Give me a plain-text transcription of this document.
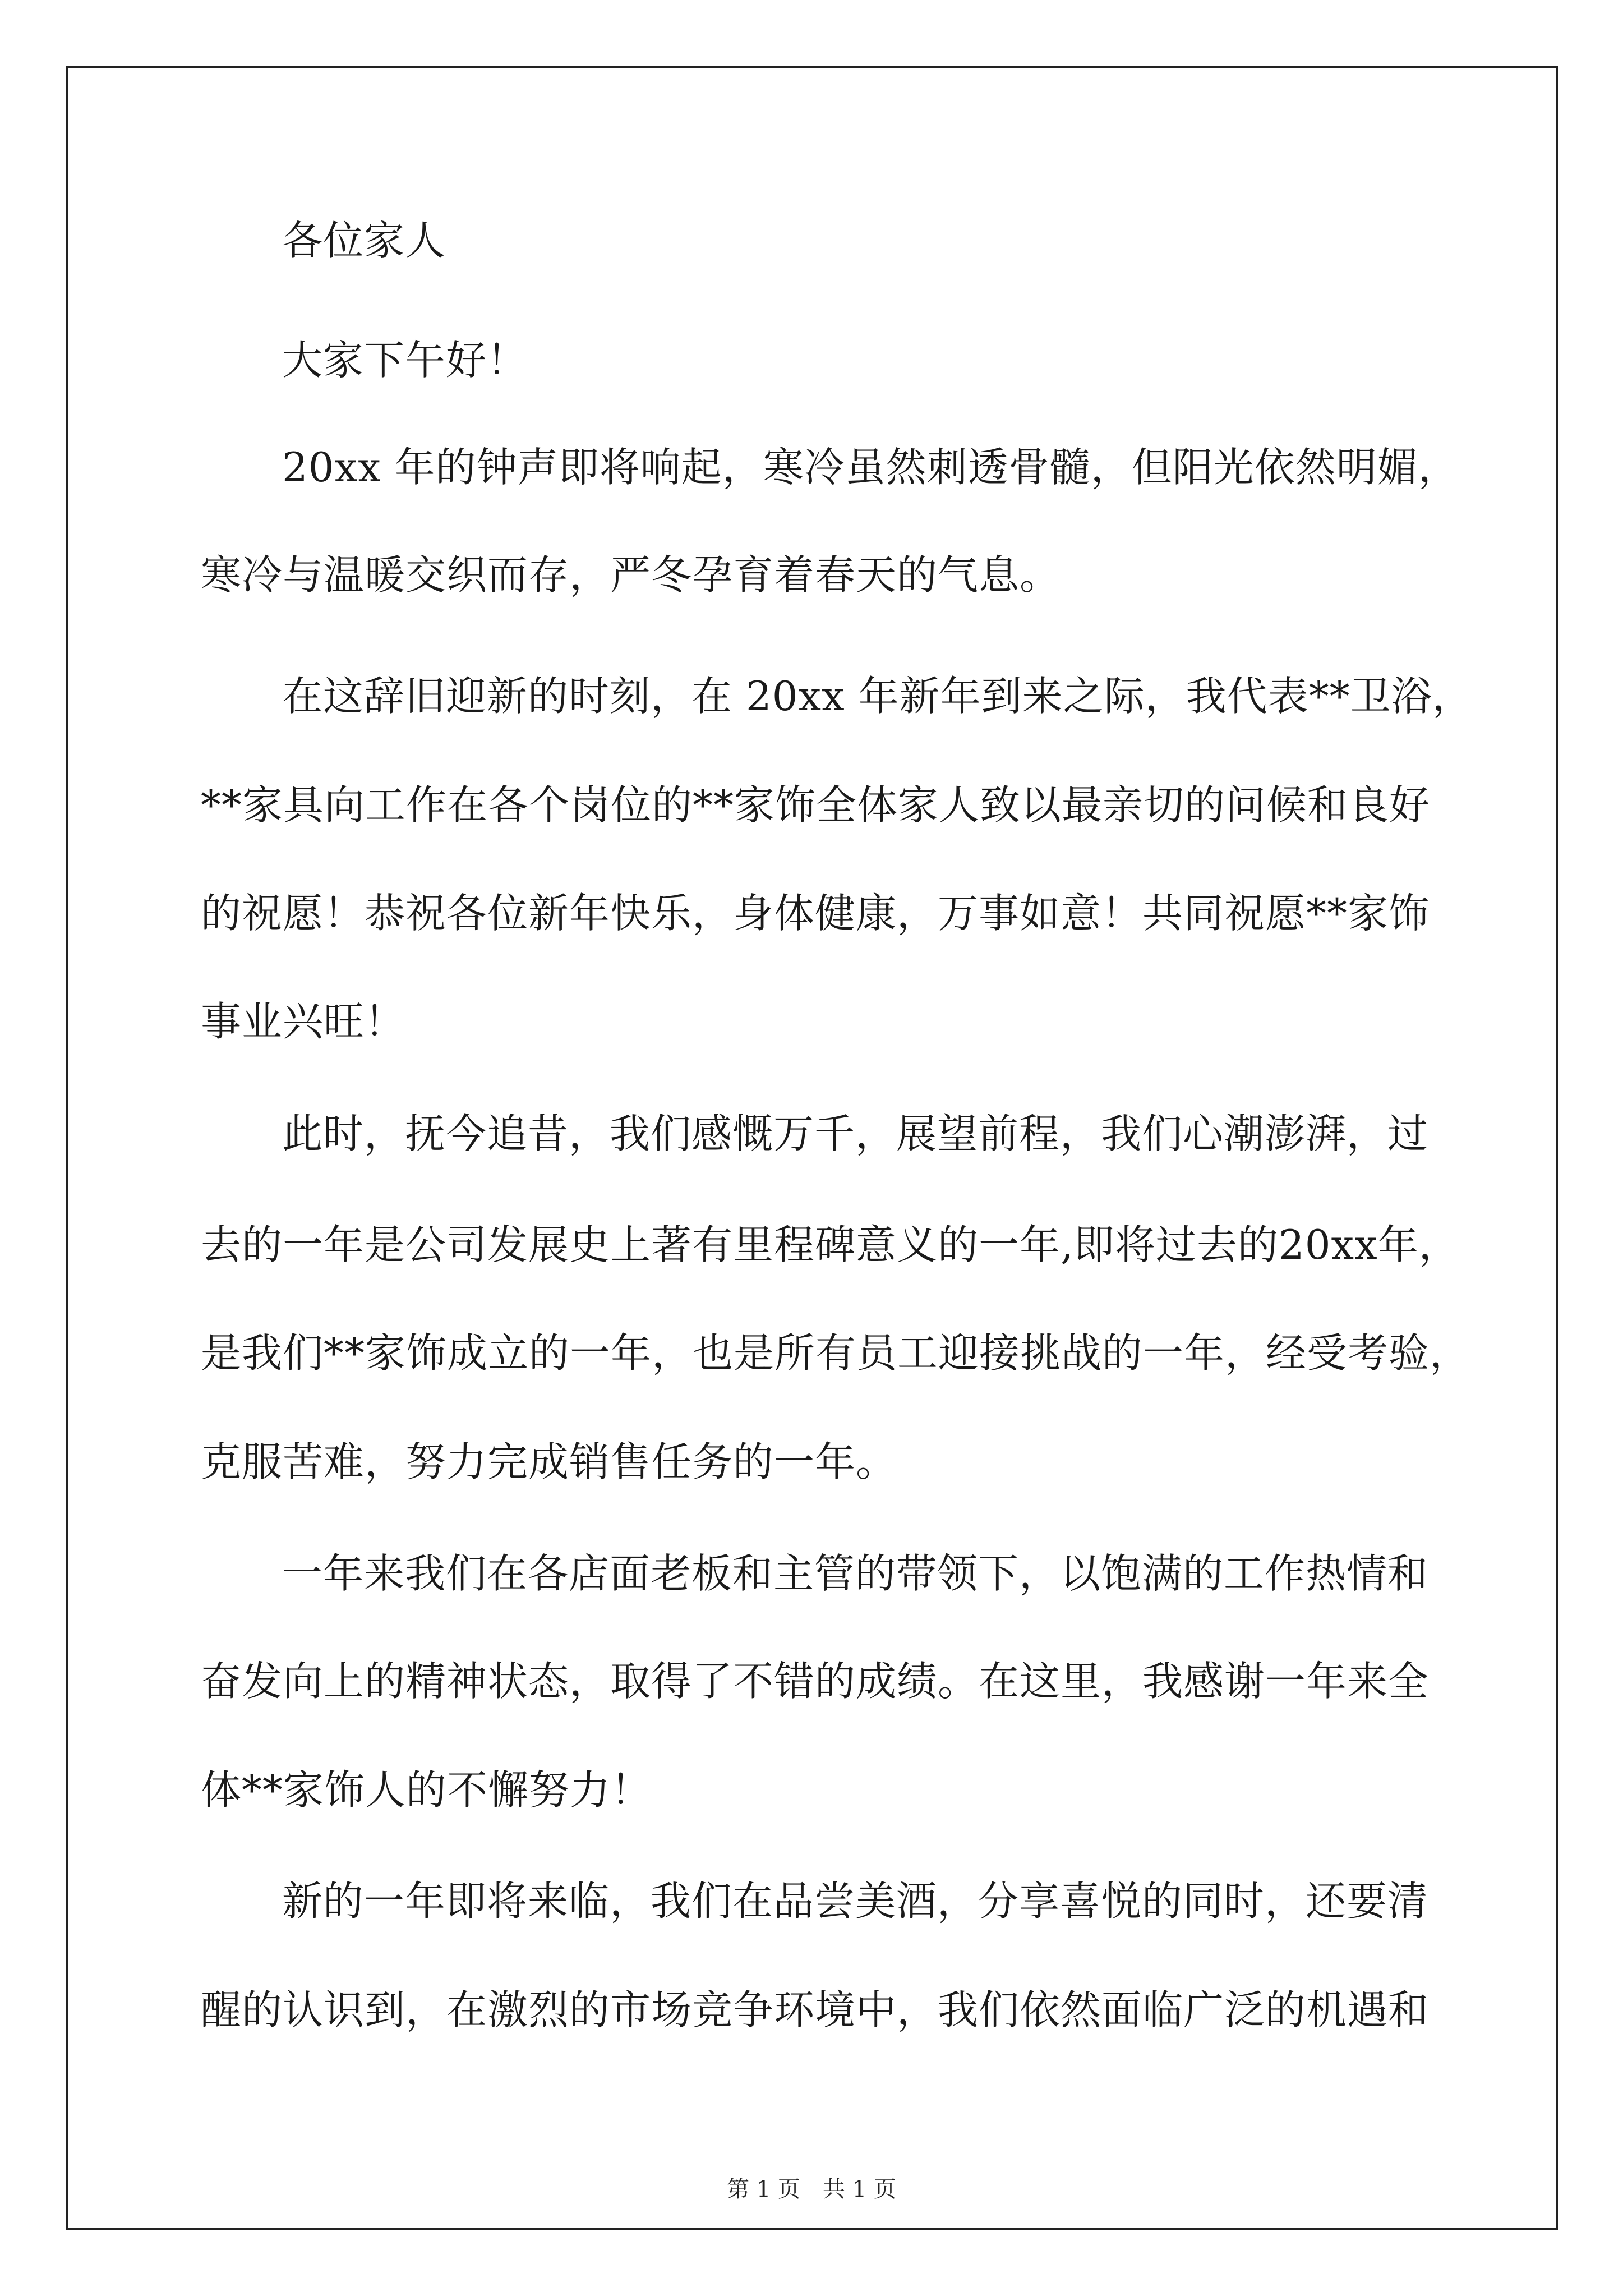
各位家人
大家下午好！
20xx 年的钟声即将响起，寒冷虽然刺透骨髓，但阳光依然明媚，
寒冷与温暖交织而存，严冬孕育着春天的气息。
在这辞旧迎新的时刻，在 20xx 年新年到来之际，我代表**卫浴，
**家具向工作在各个岗位的**家饰全体家人致以最亲切的问候和良好
的祝愿！恭祝各位新年快乐，身体健康，万事如意！共同祝愿**家饰
事业兴旺！
此时，抚今追昔，我们感慨万千，展望前程，我们心潮澎湃，过
去的一年是公司发展史上著有里程碑意义的一年,即将过去的20xx年，
是我们**家饰成立的一年，也是所有员工迎接挑战的一年，经受考验，
克服苦难，努力完成销售任务的一年。
一年来我们在各店面老板和主管的带领下，以饱满的工作热情和
奋发向上的精神状态，取得了不错的成绩。在这里，我感谢一年来全
体**家饰人的不懈努力！
新的一年即将来临，我们在品尝美酒，分享喜悦的同时，还要清
醒的认识到，在激烈的市场竞争环境中，我们依然面临广泛的机遇和
第 1 页　共 1 页
